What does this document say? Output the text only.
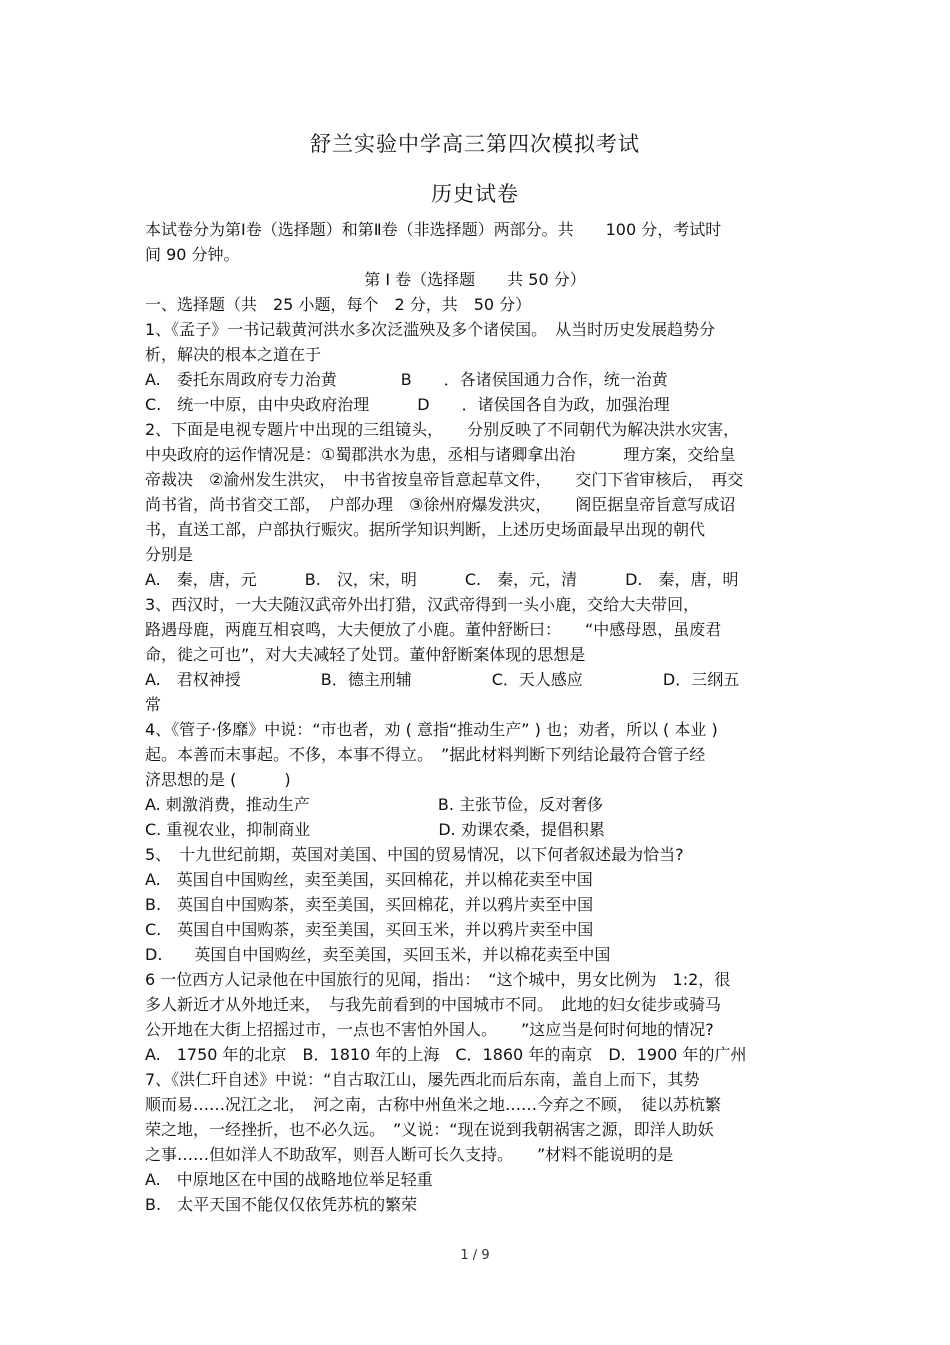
舒兰实验中学高三第四次模拟考试
历史试卷
本试卷分为第Ⅰ卷（选择题）和第Ⅱ卷（非选择题）两部分。共　　100 分，考试时
间 90 分钟。
第 Ⅰ 卷（选择题　　共 50 分）
一、选择题（共　25 小题，每个　2 分，共　50 分）
1、《孟子》一书记载黄河洪水多次泛滥殃及多个诸侯国。　从当时历史发展趋势分
析，解决的根本之道在于
A.　委托东周政府专力治黄　　　　B　　．各诸侯国通力合作，统一治黄
C.　统一中原，由中央政府治理　　　D　　．诸侯国各自为政，加强治理
2、下面是电视专题片中出现的三组镜头，　　分别反映了不同朝代为解决洪水灾害，
中央政府的运作情况是：①蜀郡洪水为患，丞相与诸卿拿出治　　　理方案，交给皇
帝裁决　②渝州发生洪灾，　中书省按皇帝旨意起草文件，　　交门下省审核后，　再交
尚书省，尚书省交工部，　户部办理　③徐州府爆发洪灾，　　阁臣据皇帝旨意写成诏
书，直送工部，户部执行赈灾。据所学知识判断，上述历史场面最早出现的朝代
分别是
A.　秦，唐，元　　　B.　汉，宋，明　　　C.　秦，元，清　　　D.　秦，唐，明
3、西汉时，一大夫随汉武帝外出打猎，汉武帝得到一头小鹿，交给大夫带回，
路遇母鹿，两鹿互相哀鸣，大夫便放了小鹿。董仲舒断曰：　　“中感母恩，虽废君
命，徙之可也”，对大夫减轻了处罚。董仲舒断案体现的思想是
A.　君权神授　　　　　B．德主刑辅　　　　　C．天人感应　　　　　D．三纲五
常
4、《管子·侈靡》中说：“市也者，劝 ( 意指“推动生产” ) 也；劝者，所以 ( 本业 )
起。本善而末事起。不侈，本事不得立。　”据此材料判断下列结论最符合管子经
济思想的是 (　　　)
A. 刺激消费，推动生产　　　　　　　　B. 主张节俭，反对奢侈
C. 重视农业，抑制商业　　　　　　　　D. 劝课农桑，提倡积累
5、　十九世纪前期，英国对美国、中国的贸易情况，以下何者叙述最为恰当?
A.　英国自中国购丝，卖至美国，买回棉花，并以棉花卖至中国
B.　英国自中国购茶，卖至美国，买回棉花，并以鸦片卖至中国
C.　英国自中国购茶，卖至美国，买回玉米，并以鸦片卖至中国
D.　　英国自中国购丝，卖至美国，买回玉米，并以棉花卖至中国
6 一位西方人记录他在中国旅行的见闻，指出：　“这个城中，男女比例为　1:2，很
多人新近才从外地迁来，　与我先前看到的中国城市不同。　此地的妇女徒步或骑马
公开地在大街上招摇过市，一点也不害怕外国人。　　”这应当是何时何地的情况?
A.　1750 年的北京　B．1810 年的上海　C．1860 年的南京　D．1900 年的广州
7、《洪仁玕自述》中说：“自古取江山，屡先西北而后东南，盖自上而下，其势
顺而易……况江之北，　河之南，古称中州鱼米之地……今弃之不顾，　徒以苏杭繁
荣之地，一经挫折，也不必久远。　”义说：“现在说到我朝祸害之源，即洋人助妖
之事……但如洋人不助敌军，则吾人断可长久支持。　　”材料不能说明的是
A.　中原地区在中国的战略地位举足轻重
B.　太平天国不能仅仅依凭苏杭的繁荣
1 / 9
